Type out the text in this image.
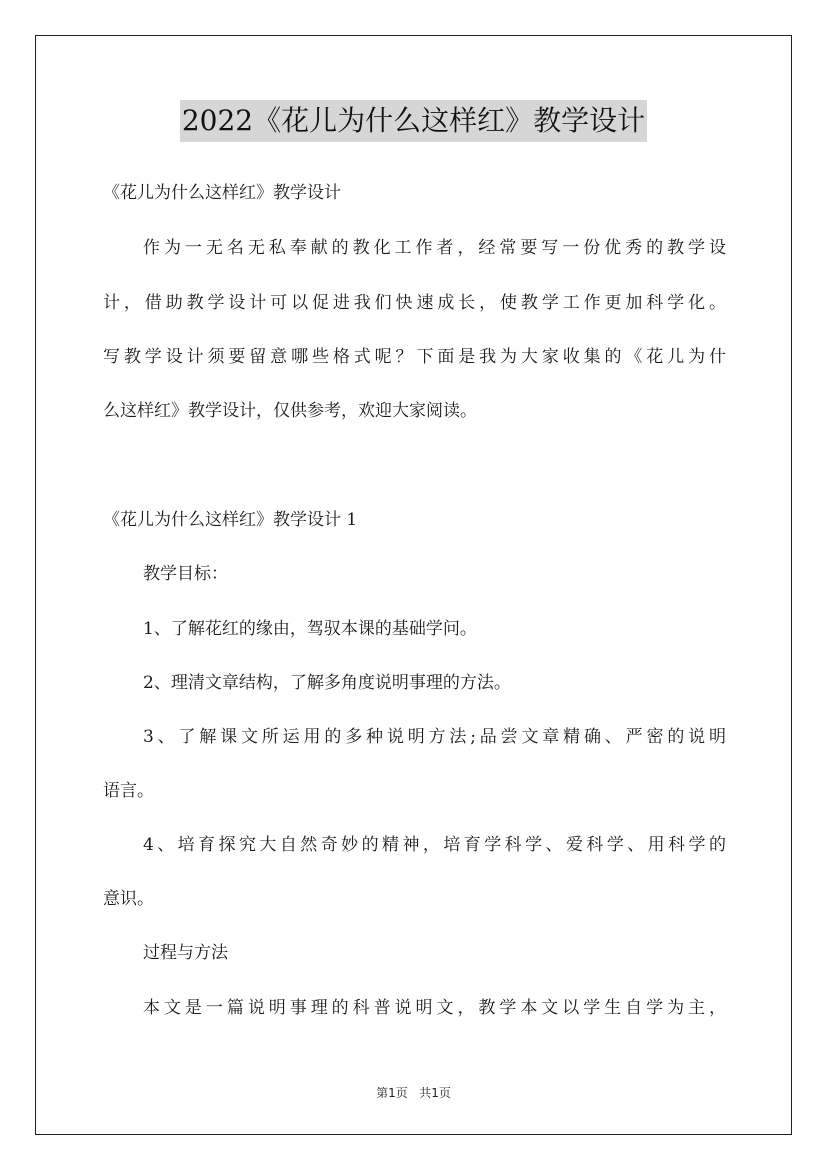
2022《花儿为什么这样红》教学设计
《花儿为什么这样红》教学设计
作为一无名无私奉献的教化工作者，经常要写一份优秀的教学设
计，借助教学设计可以促进我们快速成长，使教学工作更加科学化。
写教学设计须要留意哪些格式呢？下面是我为大家收集的《花儿为什
么这样红》教学设计，仅供参考，欢迎大家阅读。
《花儿为什么这样红》教学设计 1
教学目标：
1、了解花红的缘由，驾驭本课的基础学问。
2、理清文章结构，了解多角度说明事理的方法。
3、了解课文所运用的多种说明方法;品尝文章精确、严密的说明
语言。
4、培育探究大自然奇妙的精神，培育学科学、爱科学、用科学的
意识。
过程与方法
本文是一篇说明事理的科普说明文，教学本文以学生自学为主，
第1页   共1页
